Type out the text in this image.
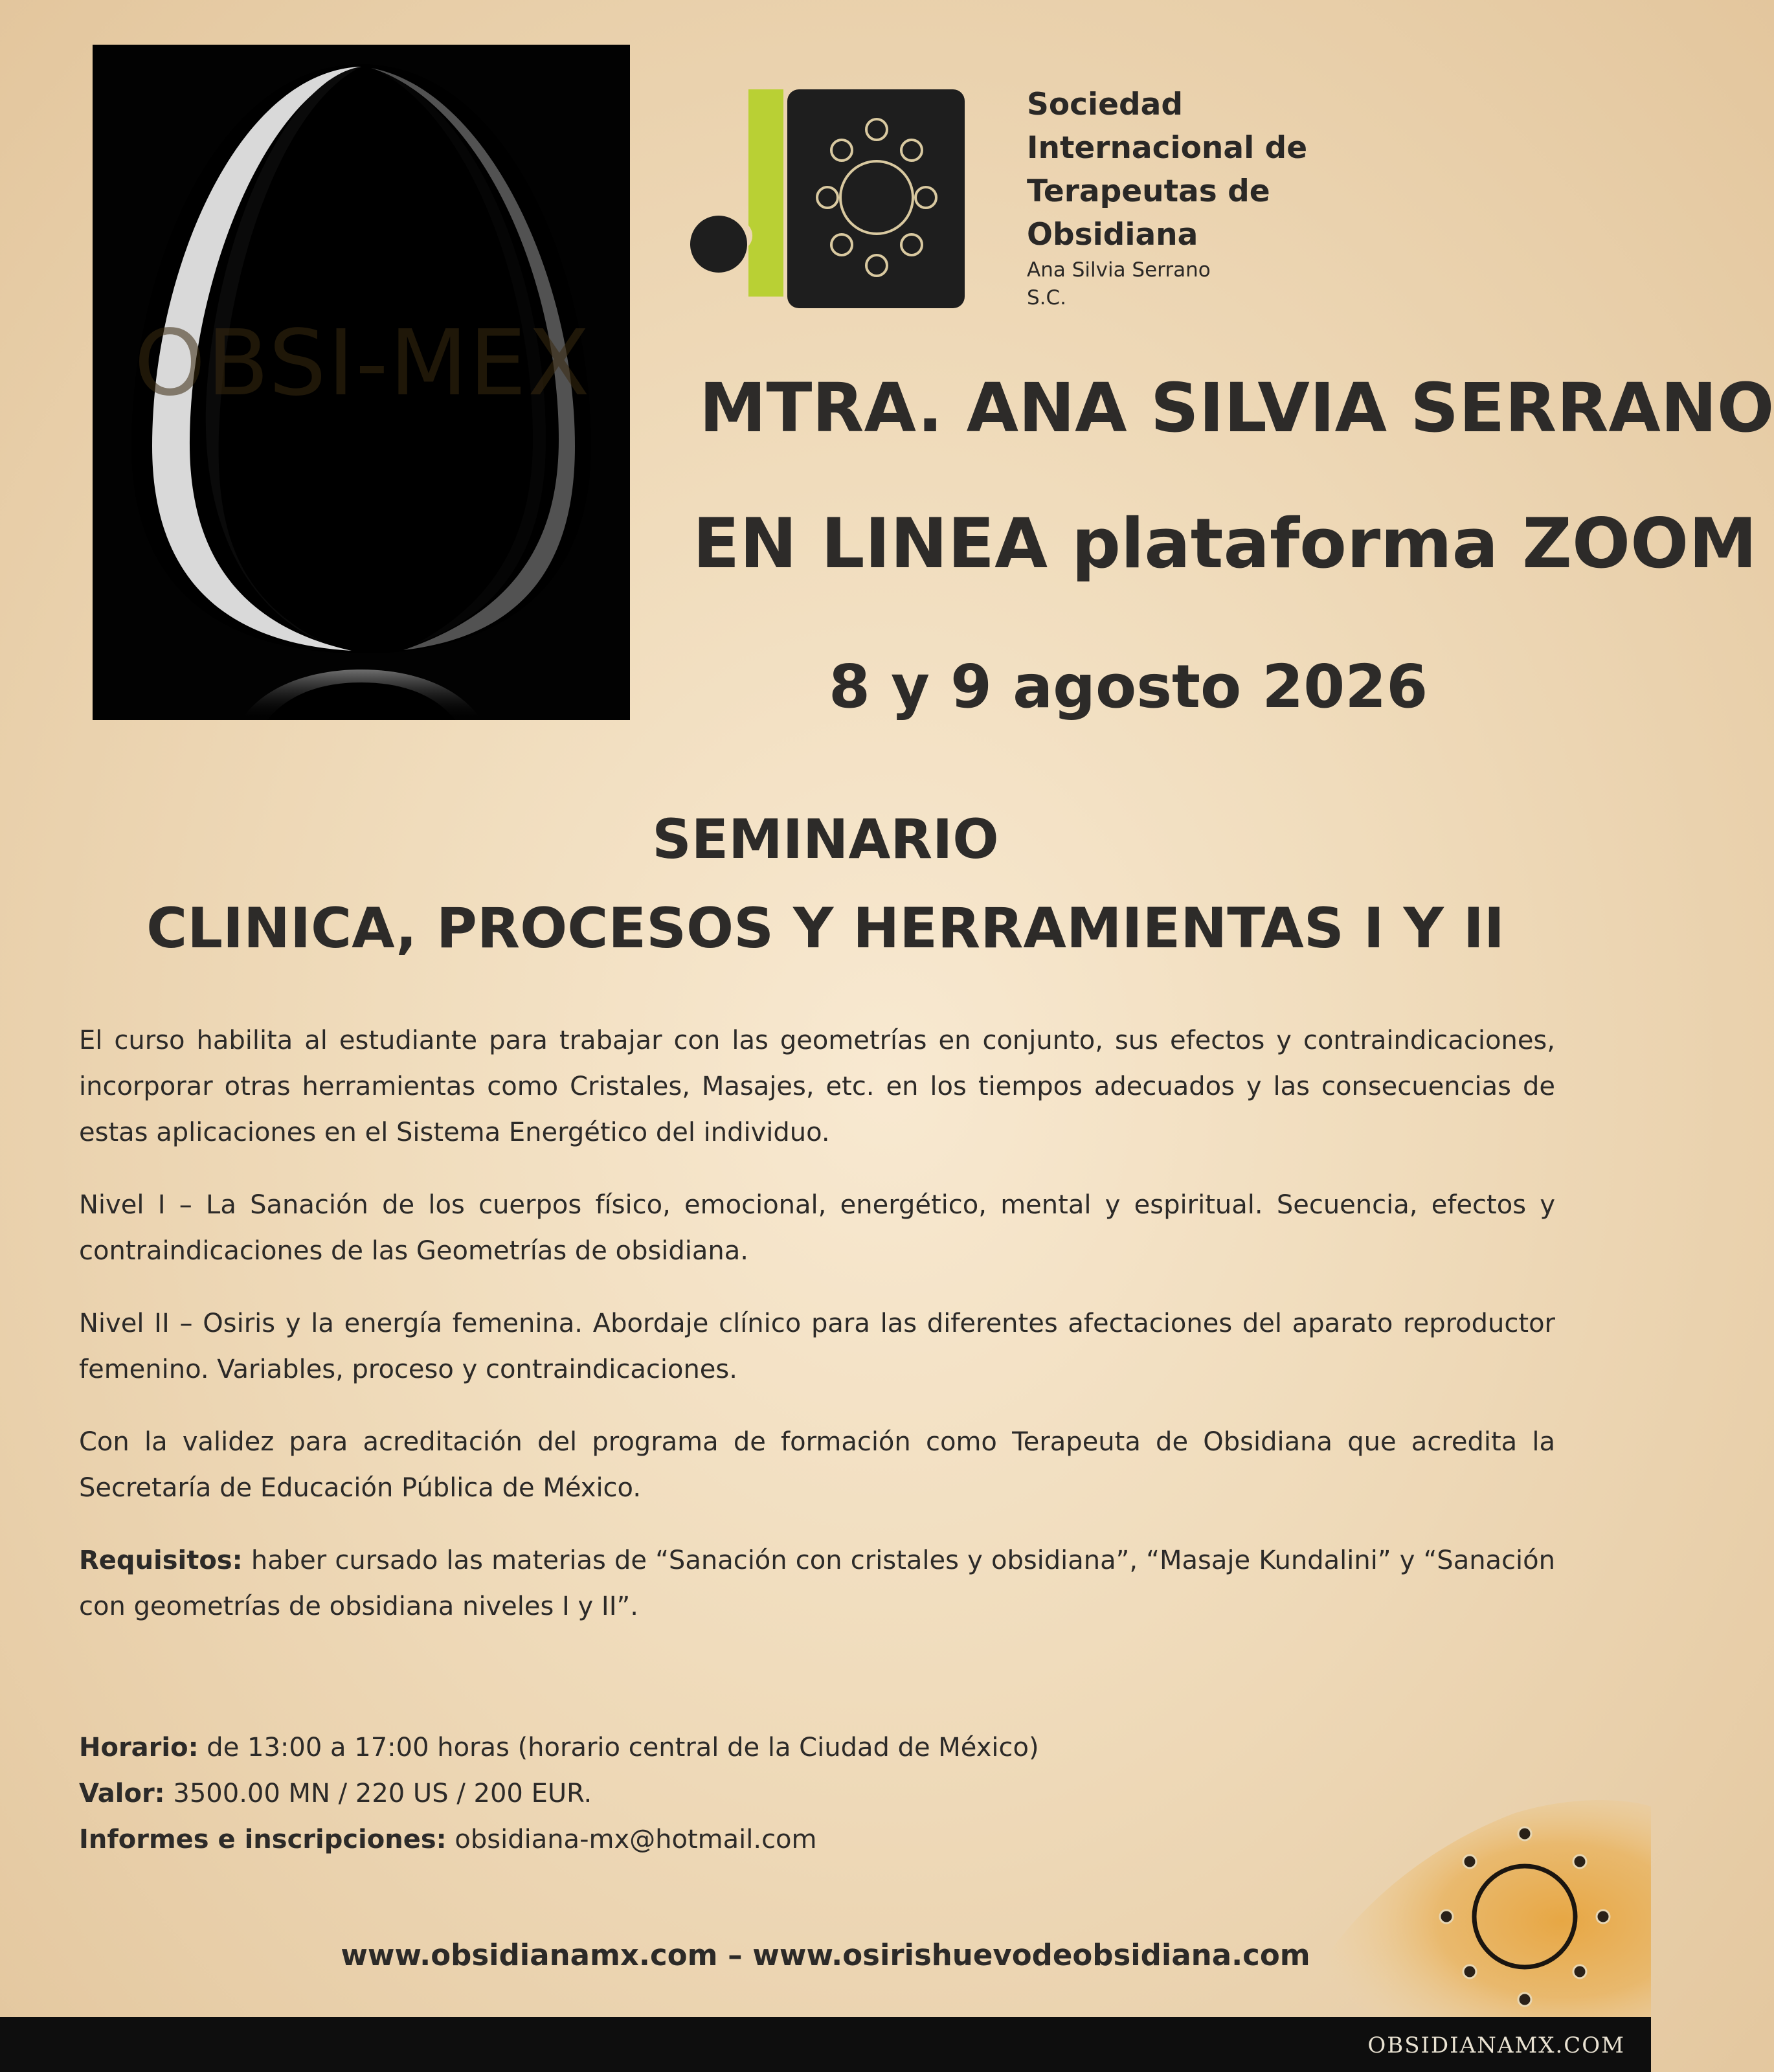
OBSI-MEX
Sociedad
Internacional de
Terapeutas de
Obsidiana
Ana Silvia Serrano
S.C.
MTRA. ANA SILVIA SERRANO
EN LINEA plataforma ZOOM
8 y 9 agosto 2026
SEMINARIO
CLINICA, PROCESOS Y HERRAMIENTAS I Y II

El curso habilita al estudiante para trabajar con las geometrías en conjunto, sus efectos y contraindicaciones, incorporar otras herramientas como Cristales, Masajes, etc. en los tiempos adecuados y las consecuencias de estas aplicaciones en el Sistema Energético del individuo.

Nivel I – La Sanación de los cuerpos físico, emocional, energético, mental y espiritual. Secuencia, efectos y contraindicaciones de las Geometrías de obsidiana.

Nivel II – Osiris y la energía femenina. Abordaje clínico para las diferentes afectaciones del aparato reproductor femenino. Variables, proceso y contraindicaciones.

Con la validez para acreditación del programa de formación como Terapeuta de Obsidiana que acredita la Secretaría de Educación Pública de México.

Requisitos: haber cursado las materias de “Sanación con cristales y obsidiana”, “Masaje Kundalini” y “Sanación con geometrías de obsidiana niveles I y II”.

Horario: de 13:00 a 17:00 horas (horario central de la Ciudad de México)
Valor: 3500.00 MN / 220 US / 200 EUR.
Informes e inscripciones: obsidiana-mx@hotmail.com
www.obsidianamx.com – www.osirishuevodeobsidiana.com
OBSIDIANAMX.COM
